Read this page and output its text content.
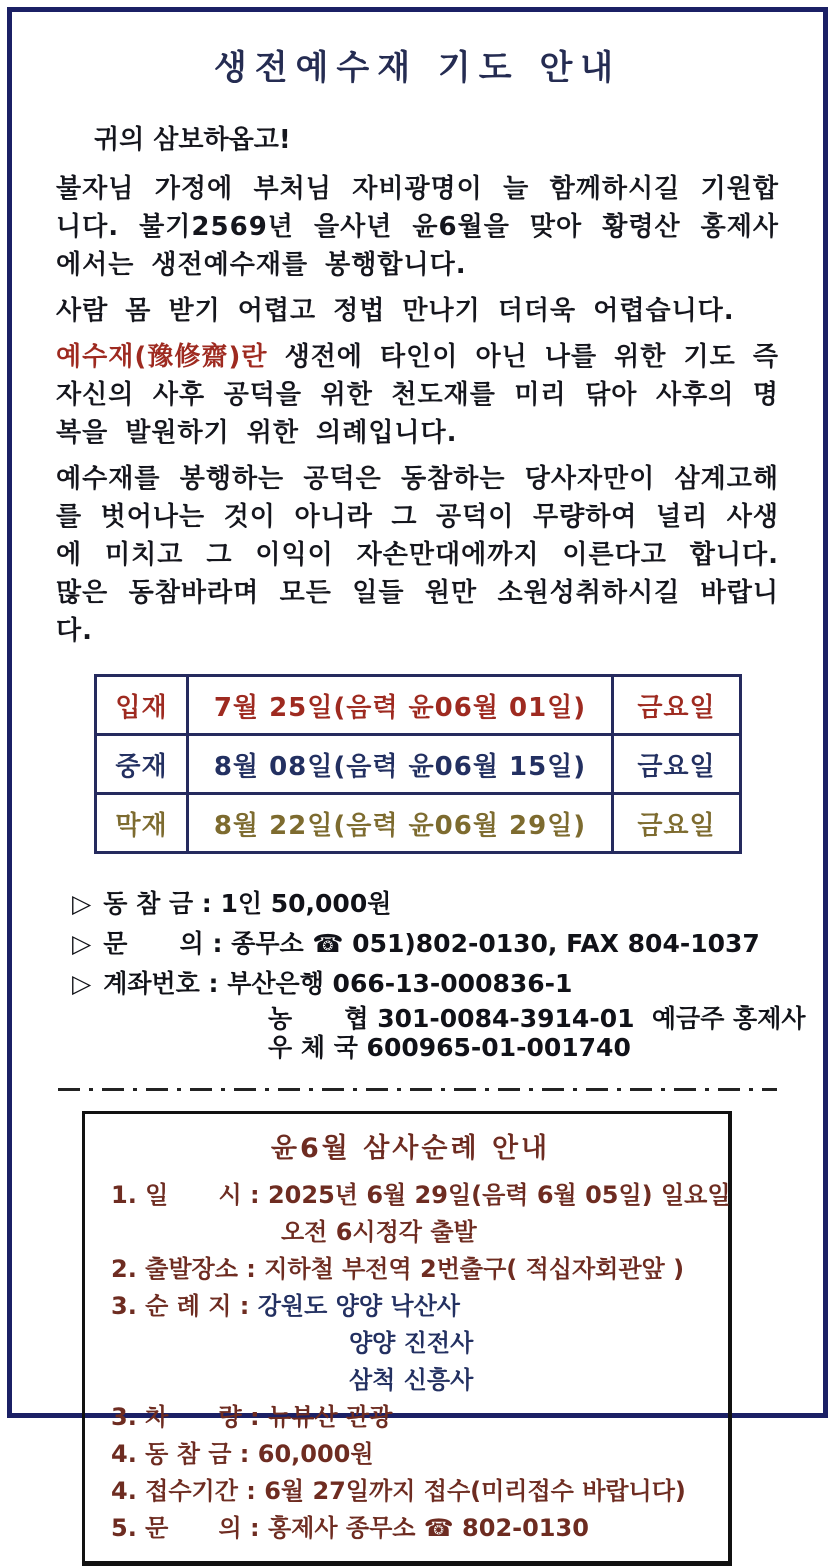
생전예수재 기도 안내

귀의 삼보하옵고!

불자님 가정에 부처님 자비광명이 늘 함께하시길 기원합니다. 불기2569년 을사년 윤6월을 맞아 황령산 홍제사에서는 생전예수재를 봉행합니다.

사람 몸 받기 어렵고 정법 만나기 더더욱 어렵습니다.

예수재(豫修齋)란 생전에 타인이 아닌 나를 위한 기도 즉 자신의 사후 공덕을 위한 천도재를 미리 닦아 사후의 명복을 발원하기 위한 의례입니다.

예수재를 봉행하는 공덕은 동참하는 당사자만이 삼계고해를 벗어나는 것이 아니라 그 공덕이 무량하여 널리 사생에 미치고 그 이익이 자손만대에까지 이른다고 합니다. 많은 동참바라며 모든 일들 원만 소원성취하시길 바랍니다.

입재	7월 25일(음력 윤06월 01일)	금요일
중재	8월 08일(음력 윤06월 15일)	금요일
막재	8월 22일(음력 윤06월 29일)	금요일
▷ 동 참 금 : 1인 50,000원
▷ 문      의 : 종무소 ☎ 051)802-0130, FAX 804-1037
▷ 계좌번호 : 부산은행 066-13-000836-1
농      협 301-0084-3914-01  예금주 홍제사
우 체 국 600965-01-001740
윤6월 삼사순례 안내
1. 일      시 : 2025년 6월 29일(음력 6월 05일) 일요일
오전 6시정각 출발
2. 출발장소 : 지하철 부전역 2번출구( 적십자회관앞 )
3. 순 례 지 : 강원도 양양 낙산사
양양 진전사
삼척 신흥사
3. 차      량 : 뉴뷰산 관광
4. 동 참 금 : 60,000원
4. 접수기간 : 6월 27일까지 접수(미리접수 바랍니다)
5. 문      의 : 홍제사 종무소 ☎ 802-0130
